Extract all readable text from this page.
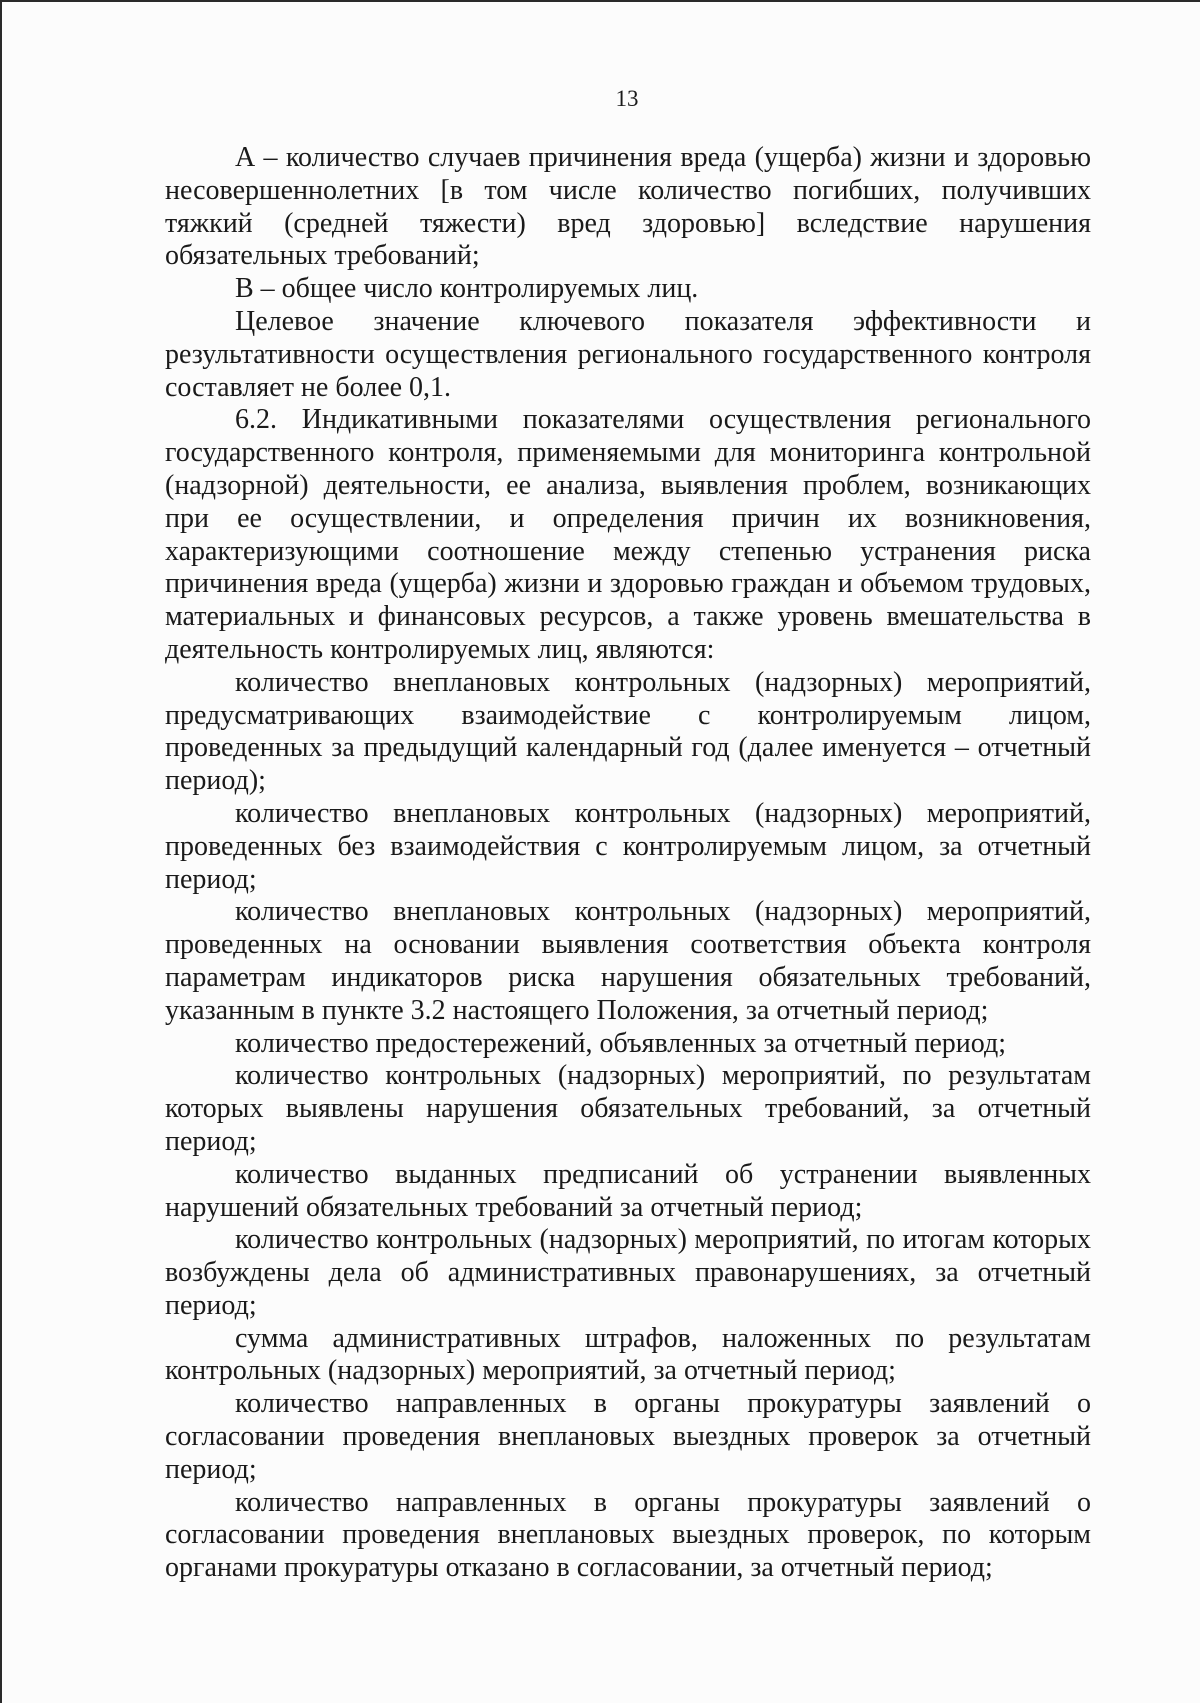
13

А – количество случаев причинения вреда (ущерба) жизни и здоровью несовершеннолетних [в том числе количество погибших, получивших тяжкий (средней тяжести) вред здоровью] вследствие нарушения обязательных требований;

В – общее число контролируемых лиц.

Целевое значение ключевого показателя эффективности и результативности осуществления регионального государственного контроля составляет не более 0,1.

6.2. Индикативными показателями осуществления регионального государственного контроля, применяемыми для мониторинга контрольной (надзорной) деятельности, ее анализа, выявления проблем, возникающих при ее осуществлении, и определения причин их возникновения, характеризующими соотношение между степенью устранения риска причинения вреда (ущерба) жизни и здоровью граждан и объемом трудовых, материальных и финансовых ресурсов, а также уровень вмешательства в деятельность контролируемых лиц, являются:

количество внеплановых контрольных (надзорных) мероприятий, предусматривающих взаимодействие с контролируемым лицом, проведенных за предыдущий календарный год (далее именуется – отчетный период);

количество внеплановых контрольных (надзорных) мероприятий, проведенных без взаимодействия с контролируемым лицом, за отчетный период;

количество внеплановых контрольных (надзорных) мероприятий, проведенных на основании выявления соответствия объекта контроля параметрам индикаторов риска нарушения обязательных требований, указанным в пункте 3.2 настоящего Положения, за отчетный период;

количество предостережений, объявленных за отчетный период;

количество контрольных (надзорных) мероприятий, по результатам которых выявлены нарушения обязательных требований, за отчетный период;

количество выданных предписаний об устранении выявленных нарушений обязательных требований за отчетный период;

количество контрольных (надзорных) мероприятий, по итогам которых возбуждены дела об административных правонарушениях, за отчетный период;

сумма административных штрафов, наложенных по результатам контрольных (надзорных) мероприятий, за отчетный период;

количество направленных в органы прокуратуры заявлений о согласовании проведения внеплановых выездных проверок за отчетный период;

количество направленных в органы прокуратуры заявлений о согласовании проведения внеплановых выездных проверок, по которым органами прокуратуры отказано в согласовании, за отчетный период;
